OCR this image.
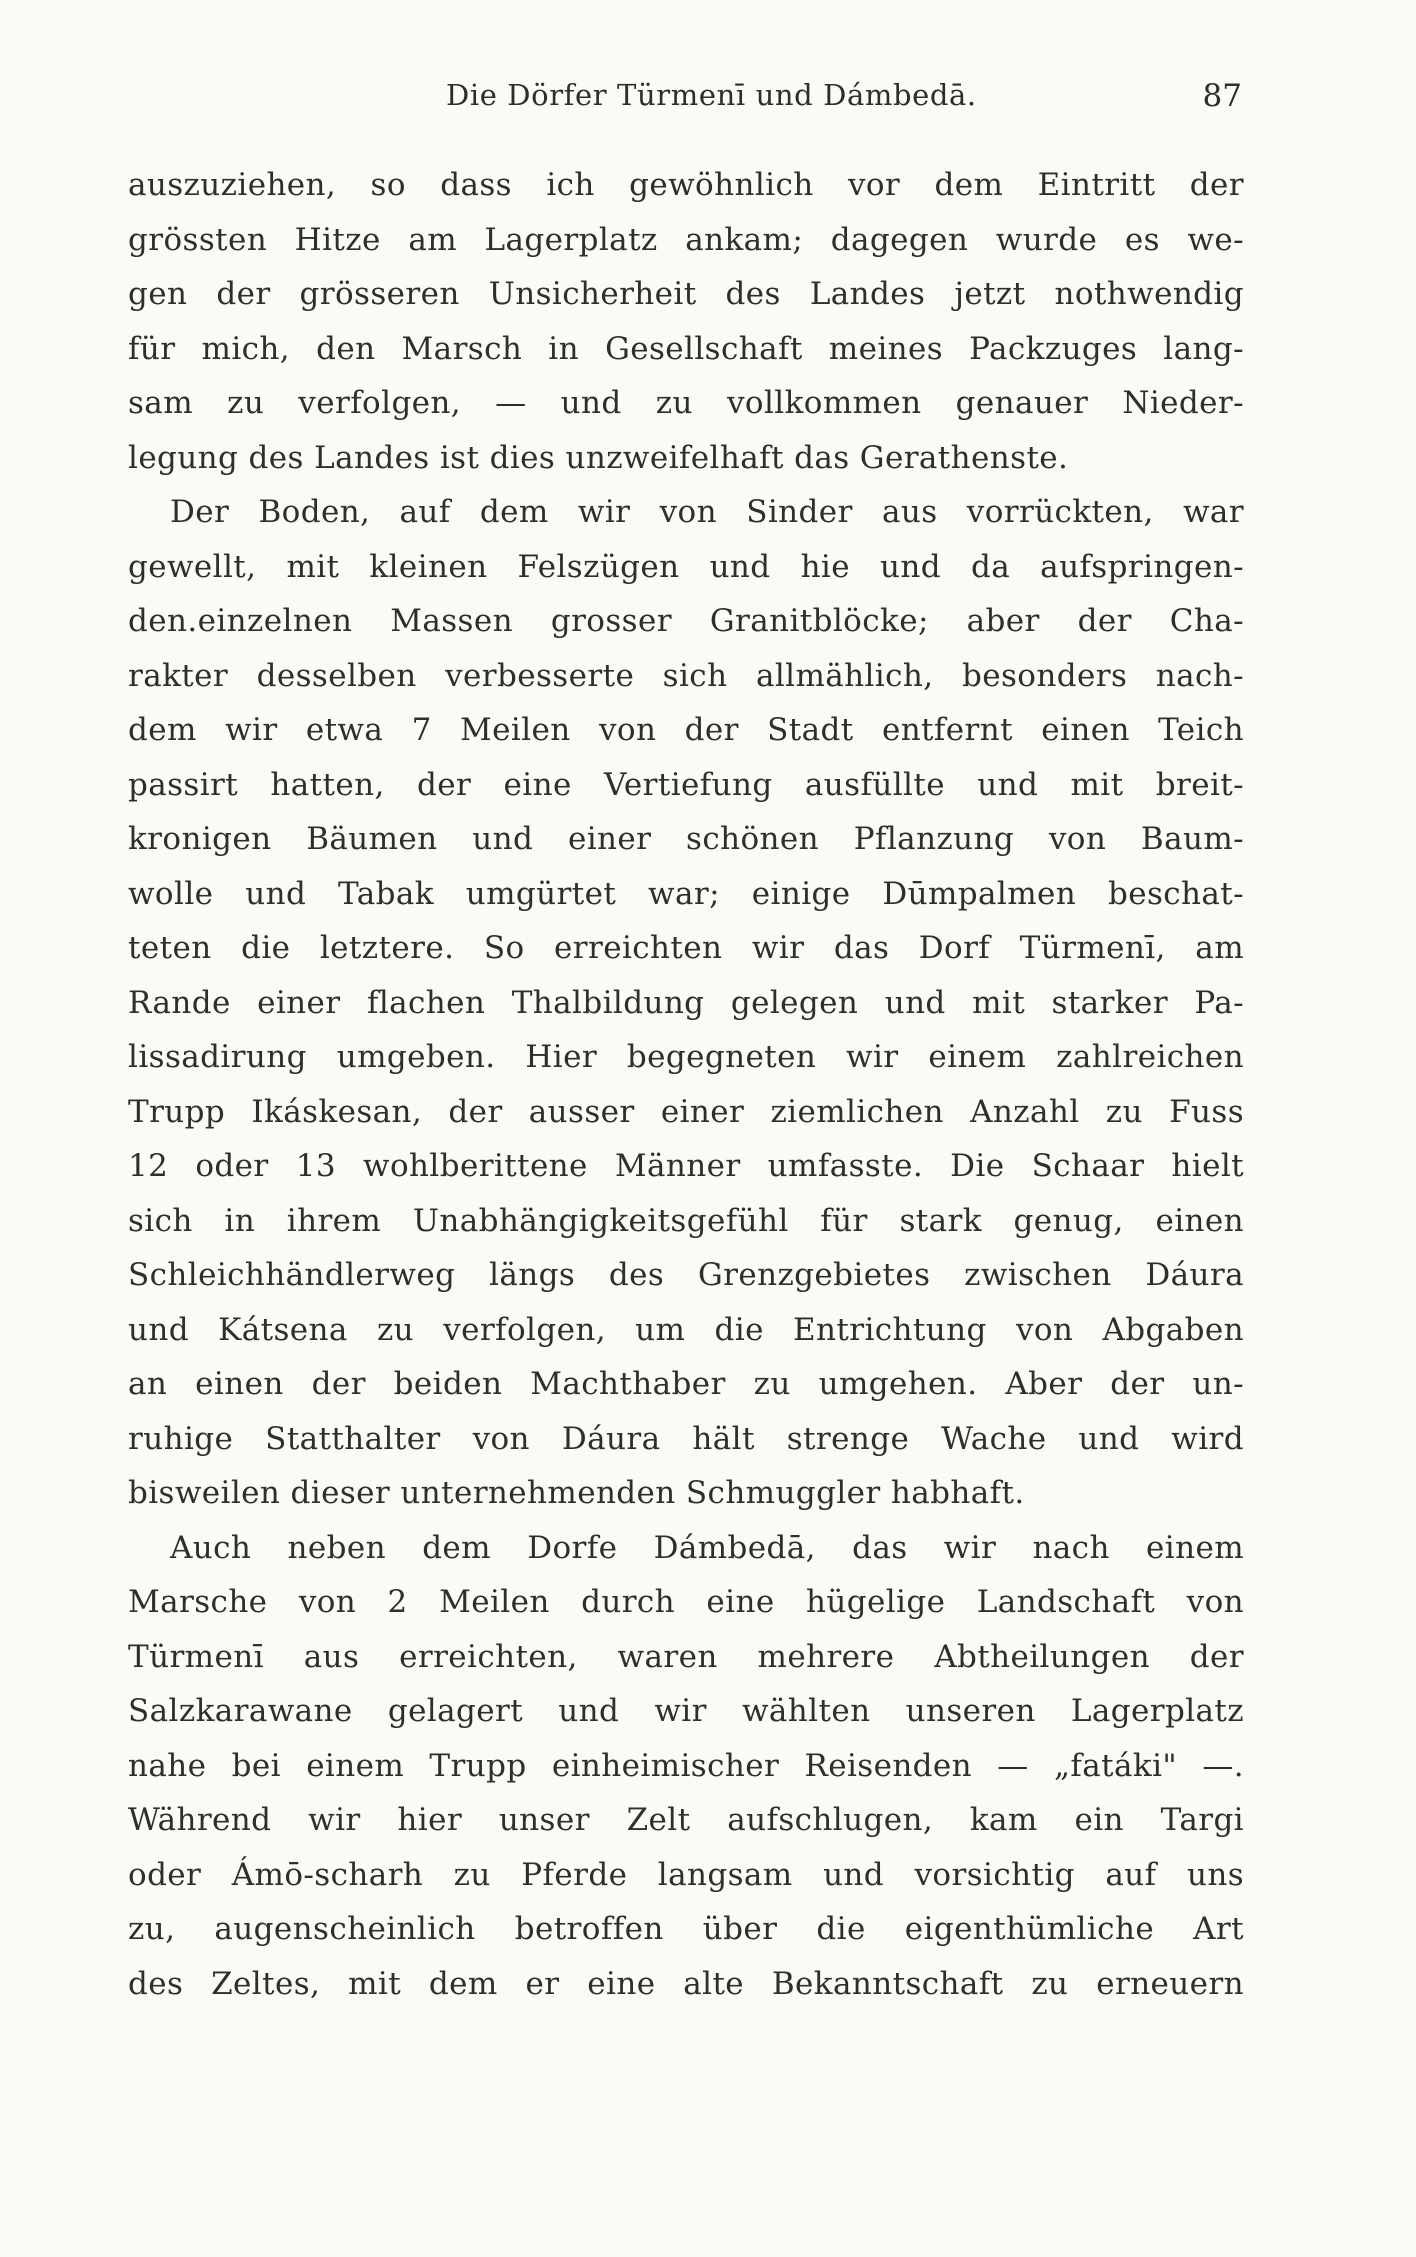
Die Dörfer Türmenī und Dámbedā.	87
auszuziehen, so dass ich gewöhnlich vor dem Eintritt der
grössten Hitze am Lagerplatz ankam; dagegen wurde es we-
gen der grösseren Unsicherheit des Landes jetzt nothwendig
für mich, den Marsch in Gesellschaft meines Packzuges lang-
sam zu verfolgen, — und zu vollkommen genauer Nieder-
legung des Landes ist dies unzweifelhaft das Gerathenste.
Der Boden, auf dem wir von Sinder aus vorrückten, war
gewellt, mit kleinen Felszügen und hie und da aufspringen-
den.einzelnen Massen grosser Granitblöcke; aber der Cha-
rakter desselben verbesserte sich allmählich, besonders nach-
dem wir etwa 7 Meilen von der Stadt entfernt einen Teich
passirt hatten, der eine Vertiefung ausfüllte und mit breit-
kronigen Bäumen und einer schönen Pflanzung von Baum-
wolle und Tabak umgürtet war; einige Dūmpalmen beschat-
teten die letztere. So erreichten wir das Dorf Türmenī, am
Rande einer flachen Thalbildung gelegen und mit starker Pa-
lissadirung umgeben. Hier begegneten wir einem zahlreichen
Trupp Ikáskesan, der ausser einer ziemlichen Anzahl zu Fuss
12 oder 13 wohlberittene Männer umfasste. Die Schaar hielt
sich in ihrem Unabhängigkeitsgefühl für stark genug, einen
Schleichhändlerweg längs des Grenzgebietes zwischen Dáura
und Kátsena zu verfolgen, um die Entrichtung von Abgaben
an einen der beiden Machthaber zu umgehen. Aber der un-
ruhige Statthalter von Dáura hält strenge Wache und wird
bisweilen dieser unternehmenden Schmuggler habhaft.
Auch neben dem Dorfe Dámbedā, das wir nach einem
Marsche von 2 Meilen durch eine hügelige Landschaft von
Türmenī aus erreichten, waren mehrere Abtheilungen der
Salzkarawane gelagert und wir wählten unseren Lagerplatz
nahe bei einem Trupp einheimischer Reisenden — „fatáki" —.
Während wir hier unser Zelt aufschlugen, kam ein Targi
oder Ámō-scharh zu Pferde langsam und vorsichtig auf uns
zu, augenscheinlich betroffen über die eigenthümliche Art
des Zeltes, mit dem er eine alte Bekanntschaft zu erneuern
